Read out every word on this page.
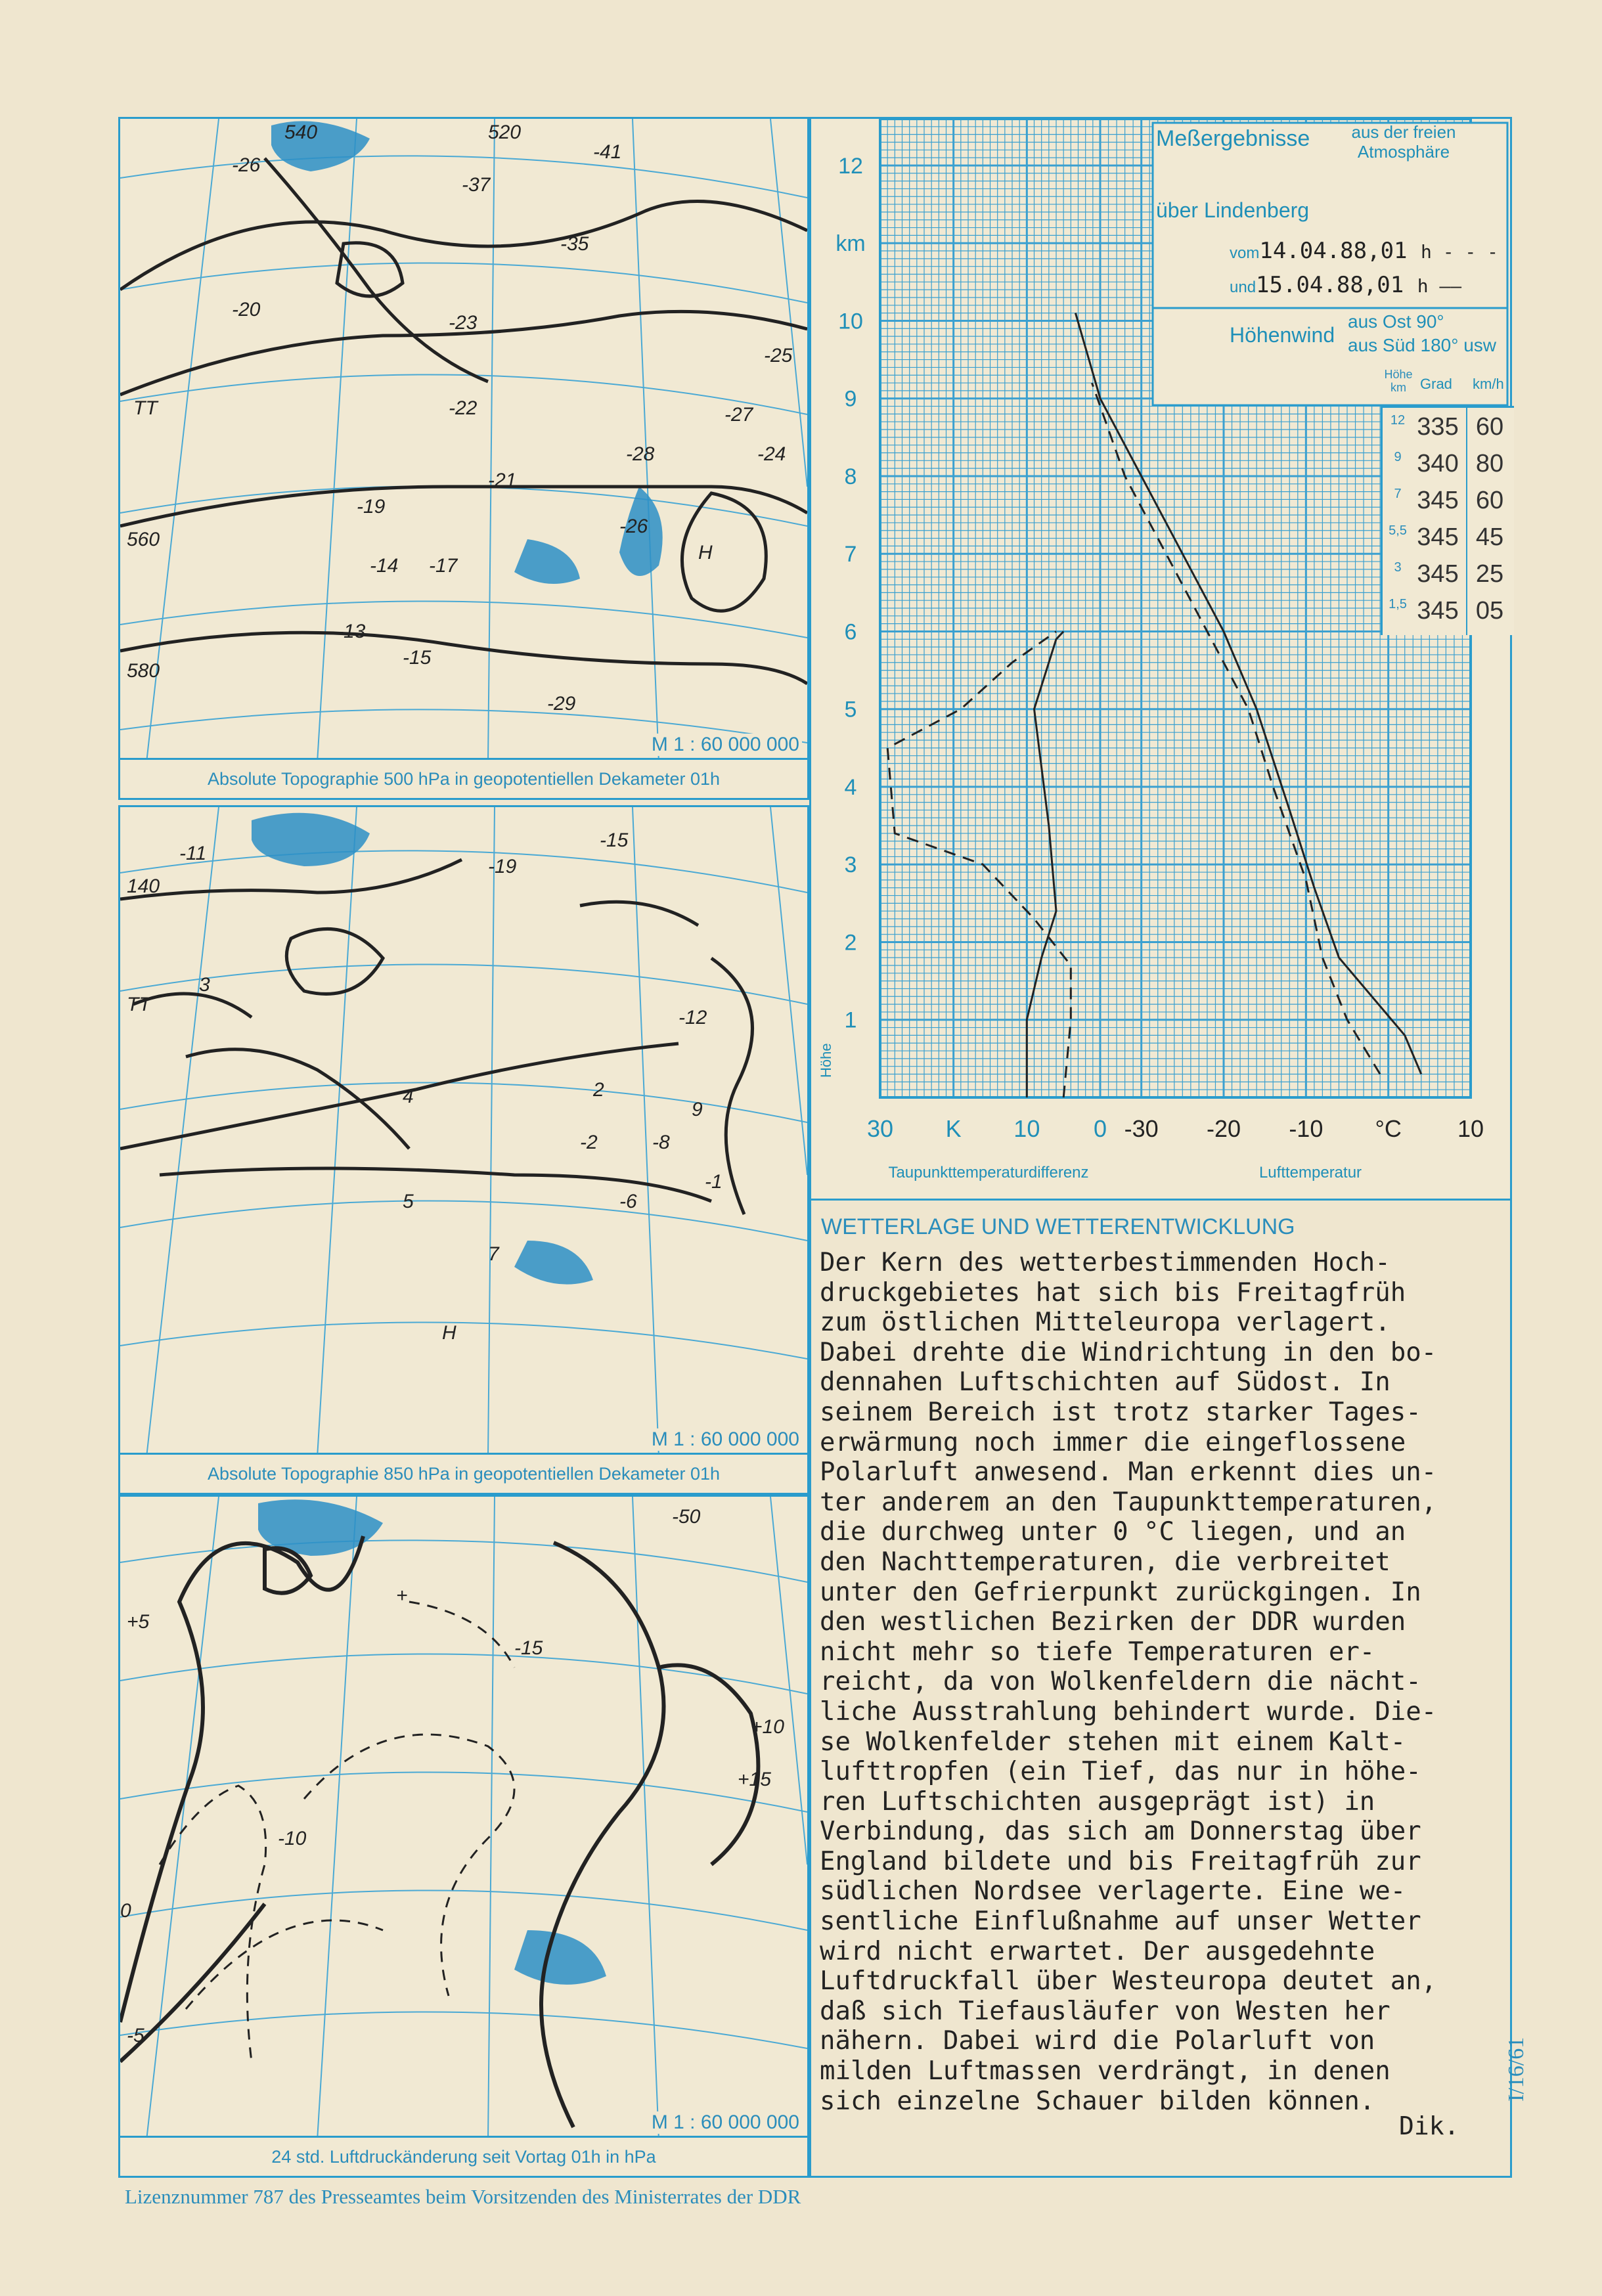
540	520
560
580
-26
-37
-41
-35
-23
-20
-19
-14 -17
-13
-15
-29
-21
-24
-25
-27
-28
-22
-26
TT
H
M 1 : 60 000 000
Absolute Topographie 500 hPa in geopotentiellen Dekameter 01h
140
-15
-11
-19
-12
3
4	2
5
7
9
-2	-8
-6
-1
TT
H
M 1 : 60 000 000
Absolute Topographie 850 hPa in geopotentiellen Dekameter 01h
+5
0
-5
-10
-15
+10
+15
-50
+
M 1 : 60 000 000
24 std. Luftdruckänderung seit Vortag 01h in hPa
12
km
10
9
8
7
6
5
4
3
2
1
Höhe
30 K 10 0 -30 -20 -10 °C 10
Taupunkttemperaturdifferenz	Lufttemperatur
Meßergebnisse aus der freien Atmosphäre
über Lindenberg
vom14.04.88,01 h - - -
und15.04.88,01 h ——
Höhenwind
aus Ost 90°
aus Süd 180° usw
Höhe km Grad km/h
12 335 60
9 340 80
7 345 60
5,5 345 45
3 345 25
1,5 345 05
WETTERLAGE UND WETTERENTWICKLUNG
Der Kern des wetterbestimmenden Hoch-
druckgebietes hat sich bis Freitagfrüh
zum östlichen Mitteleuropa verlagert.
Dabei drehte die Windrichtung in den bo-
dennahen Luftschichten auf Südost. In
seinem Bereich ist trotz starker Tages-
erwärmung noch immer die eingeflossene
Polarluft anwesend. Man erkennt dies un-
ter anderem an den Taupunkttemperaturen,
die durchweg unter 0 °C liegen, und an
den Nachttemperaturen, die verbreitet
unter den Gefrierpunkt zurückgingen. In
den westlichen Bezirken der DDR wurden
nicht mehr so tiefe Temperaturen er-
reicht, da von Wolkenfeldern die nächt-
liche Ausstrahlung behindert wurde. Die-
se Wolkenfelder stehen mit einem Kalt-
lufttropfen (ein Tief, das nur in höhe-
ren Luftschichten ausgeprägt ist) in
Verbindung, das sich am Donnerstag über
England bildete und bis Freitagfrüh zur
südlichen Nordsee verlagerte. Eine we-
sentliche Einflußnahme auf unser Wetter
wird nicht erwartet. Der ausgedehnte
Luftdruckfall über Westeuropa deutet an,
daß sich Tiefausläufer von Westen her
nähern. Dabei wird die Polarluft von
milden Luftmassen verdrängt, in denen
sich einzelne Schauer bilden können.
Dik.
I/16/61
Lizenznummer 787 des Presseamtes beim Vorsitzenden des Ministerrates der DDR
